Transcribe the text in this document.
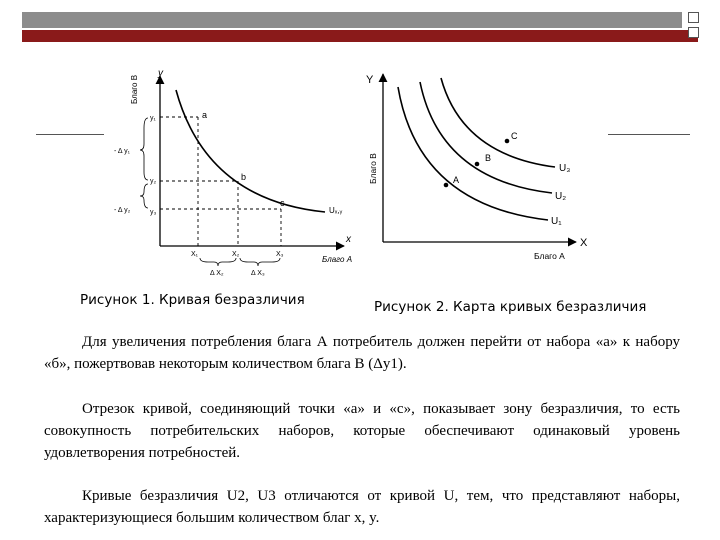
y
Благо В
x
Благо А
a
b
c
Uₓ,ᵧ
y₁
y₂
y₃
- Δ y₁
- Δ y₂
X₁	X₂	X₃
Δ X₂	Δ X₃
Y
Благо В
X
Благо А
A
B
C
U₁
U₂
U₃
Рисунок 1. Кривая безразличия	Рисунок 2. Карта кривых безразличия
Для увеличения потребления блага А потребитель должен перейти от набора «а» к набору «б», пожертвовав некоторым количеством блага В (Δy1).
Отрезок кривой, соединяющий точки «а» и «с», показывает зону безразличия, то есть совокупность потребительских наборов, которые обеспечивают одинаковый уровень удовлетворения потребностей.
Кривые безразличия U2, U3 отличаются от кривой U, тем, что представляют наборы, характеризующиеся большим количеством благ x, y.
